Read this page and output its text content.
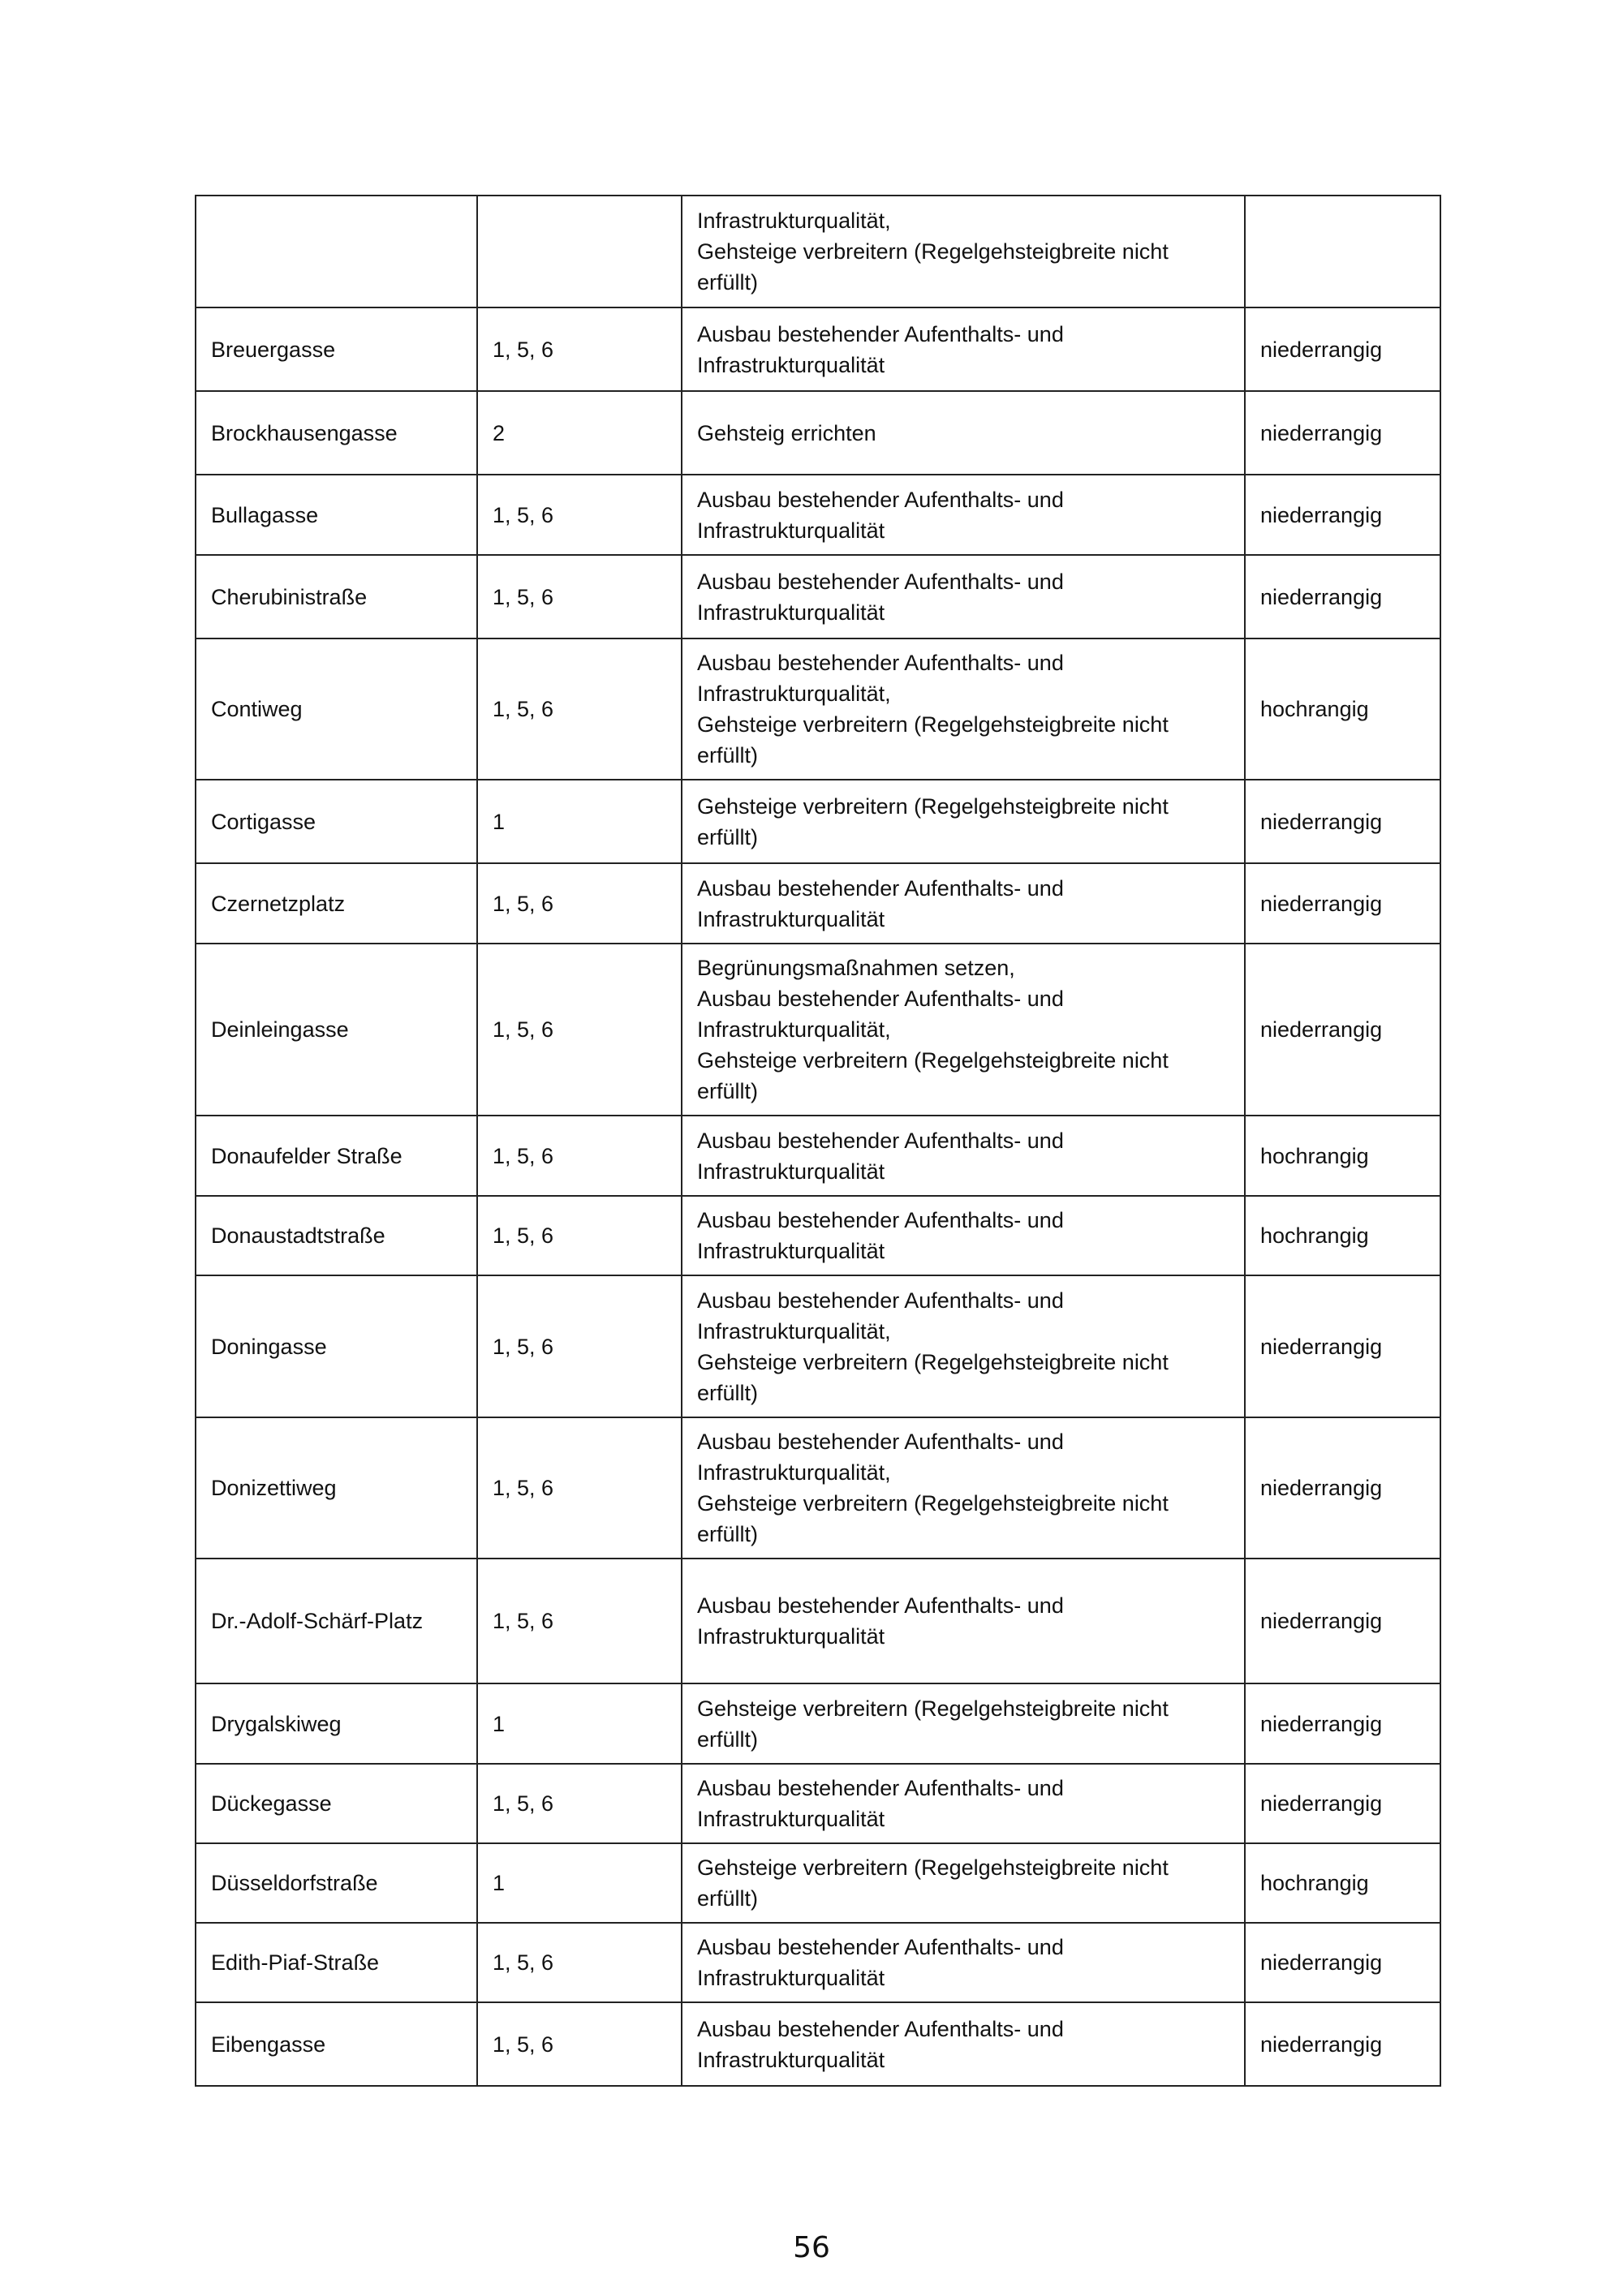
		Infrastrukturqualität,
Gehsteige verbreitern (Regelgehsteigbreite nicht erfüllt)	
Breuergasse	1, 5, 6	Ausbau bestehender Aufenthalts- und
Infrastrukturqualität	niederrangig
Brockhausengasse	2	Gehsteig errichten	niederrangig
Bullagasse	1, 5, 6	Ausbau bestehender Aufenthalts- und
Infrastrukturqualität	niederrangig
Cherubinistraße	1, 5, 6	Ausbau bestehender Aufenthalts- und
Infrastrukturqualität	niederrangig
Contiweg	1, 5, 6	Ausbau bestehender Aufenthalts- und
Infrastrukturqualität,
Gehsteige verbreitern (Regelgehsteigbreite nicht erfüllt)	hochrangig
Cortigasse	1	Gehsteige verbreitern (Regelgehsteigbreite nicht erfüllt)	niederrangig
Czernetzplatz	1, 5, 6	Ausbau bestehender Aufenthalts- und
Infrastrukturqualität	niederrangig
Deinleingasse	1, 5, 6	Begrünungsmaßnahmen setzen,
Ausbau bestehender Aufenthalts- und
Infrastrukturqualität,
Gehsteige verbreitern (Regelgehsteigbreite nicht erfüllt)	niederrangig
Donaufelder Straße	1, 5, 6	Ausbau bestehender Aufenthalts- und
Infrastrukturqualität	hochrangig
Donaustadtstraße	1, 5, 6	Ausbau bestehender Aufenthalts- und
Infrastrukturqualität	hochrangig
Doningasse	1, 5, 6	Ausbau bestehender Aufenthalts- und
Infrastrukturqualität,
Gehsteige verbreitern (Regelgehsteigbreite nicht erfüllt)	niederrangig
Donizettiweg	1, 5, 6	Ausbau bestehender Aufenthalts- und
Infrastrukturqualität,
Gehsteige verbreitern (Regelgehsteigbreite nicht erfüllt)	niederrangig
Dr.-Adolf-Schärf-Platz	1, 5, 6	Ausbau bestehender Aufenthalts- und
Infrastrukturqualität	niederrangig
Drygalskiweg	1	Gehsteige verbreitern (Regelgehsteigbreite nicht erfüllt)	niederrangig
Dückegasse	1, 5, 6	Ausbau bestehender Aufenthalts- und
Infrastrukturqualität	niederrangig
Düsseldorfstraße	1	Gehsteige verbreitern (Regelgehsteigbreite nicht erfüllt)	hochrangig
Edith-Piaf-Straße	1, 5, 6	Ausbau bestehender Aufenthalts- und
Infrastrukturqualität	niederrangig
Eibengasse	1, 5, 6	Ausbau bestehender Aufenthalts- und
Infrastrukturqualität	niederrangig
56
